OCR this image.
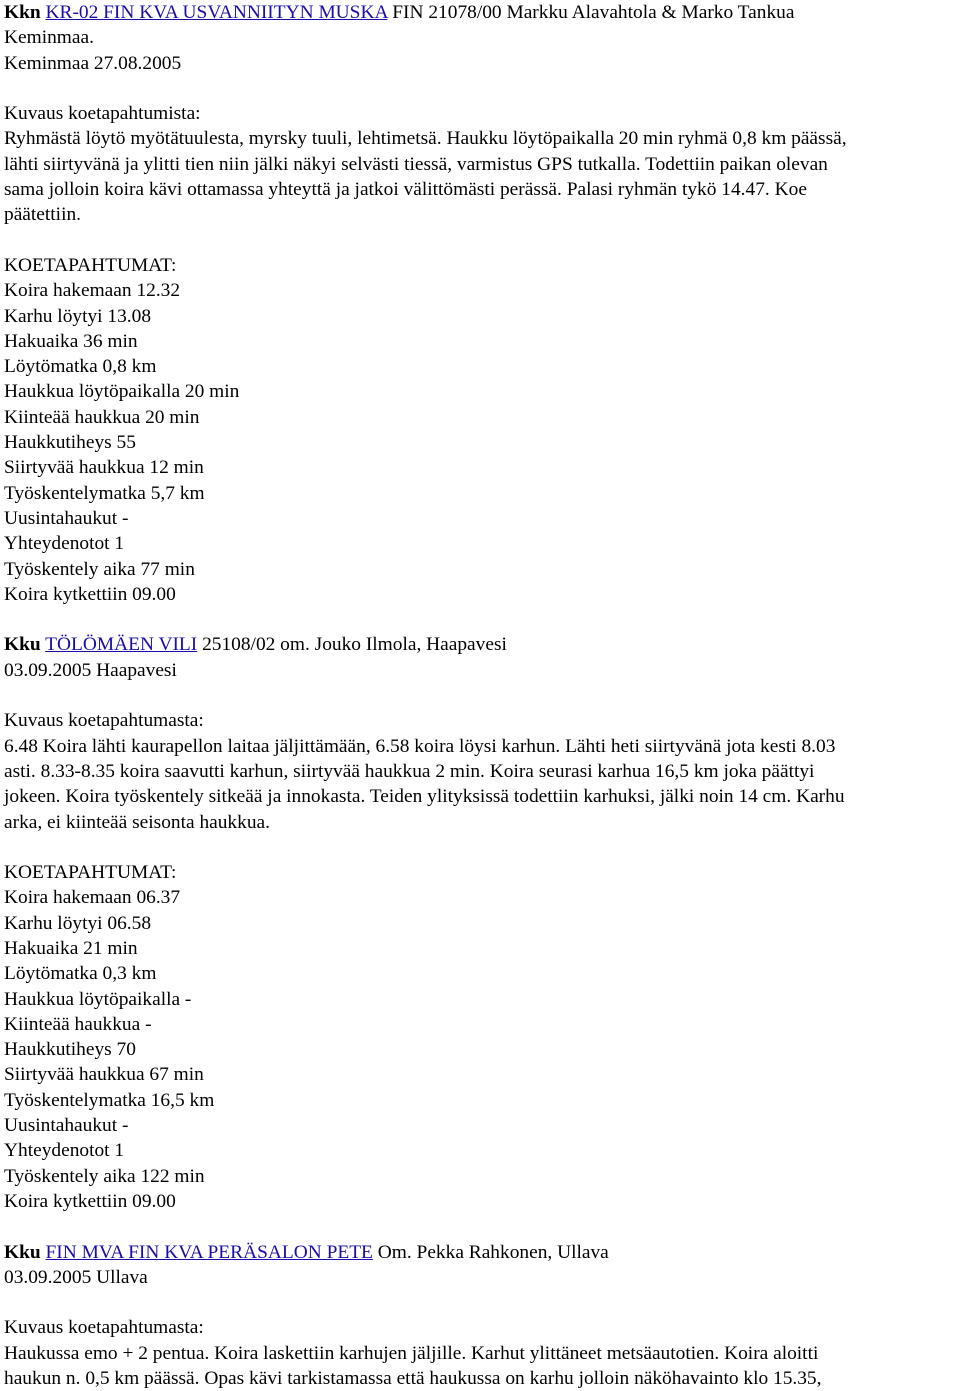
Kkn KR-02 FIN KVA USVANNIITYN MUSKA FIN 21078/00 Markku Alavahtola & Marko Tankua
Keminmaa.
Keminmaa 27.08.2005
Kuvaus koetapahtumista:
Ryhmästä löytö myötätuulesta, myrsky tuuli, lehtimetsä. Haukku löytöpaikalla 20 min ryhmä 0,8 km päässä,
lähti siirtyvänä ja ylitti tien niin jälki näkyi selvästi tiessä, varmistus GPS tutkalla. Todettiin paikan olevan
sama jolloin koira kävi ottamassa yhteyttä ja jatkoi välittömästi perässä. Palasi ryhmän tykö 14.47. Koe
päätettiin.
KOETAPAHTUMAT:
Koira hakemaan 12.32
Karhu löytyi 13.08
Hakuaika 36 min
Löytömatka 0,8 km
Haukkua löytöpaikalla 20 min
Kiinteää haukkua 20 min
Haukkutiheys 55
Siirtyvää haukkua 12 min
Työskentelymatka 5,7 km
Uusintahaukut -
Yhteydenotot 1
Työskentely aika 77 min
Koira kytkettiin 09.00
Kku TÖLÖMÄEN VILI 25108/02 om. Jouko Ilmola, Haapavesi
03.09.2005 Haapavesi
Kuvaus koetapahtumasta:
6.48 Koira lähti kaurapellon laitaa jäljittämään, 6.58 koira löysi karhun. Lähti heti siirtyvänä jota kesti 8.03
asti. 8.33-8.35 koira saavutti karhun, siirtyvää haukkua 2 min. Koira seurasi karhua 16,5 km joka päättyi
jokeen. Koira työskentely sitkeää ja innokasta. Teiden ylityksissä todettiin karhuksi, jälki noin 14 cm. Karhu
arka, ei kiinteää seisonta haukkua.
KOETAPAHTUMAT:
Koira hakemaan 06.37
Karhu löytyi 06.58
Hakuaika 21 min
Löytömatka 0,3 km
Haukkua löytöpaikalla -
Kiinteää haukkua -
Haukkutiheys 70
Siirtyvää haukkua 67 min
Työskentelymatka 16,5 km
Uusintahaukut -
Yhteydenotot 1
Työskentely aika 122 min
Koira kytkettiin 09.00
Kku FIN MVA FIN KVA PERÄSALON PETE Om. Pekka Rahkonen, Ullava
03.09.2005 Ullava
Kuvaus koetapahtumasta:
Haukussa emo + 2 pentua. Koira laskettiin karhujen jäljille. Karhut ylittäneet metsäautotien. Koira aloitti
haukun n. 0,5 km päässä. Opas kävi tarkistamassa että haukussa on karhu jolloin näköhavainto klo 15.35,
